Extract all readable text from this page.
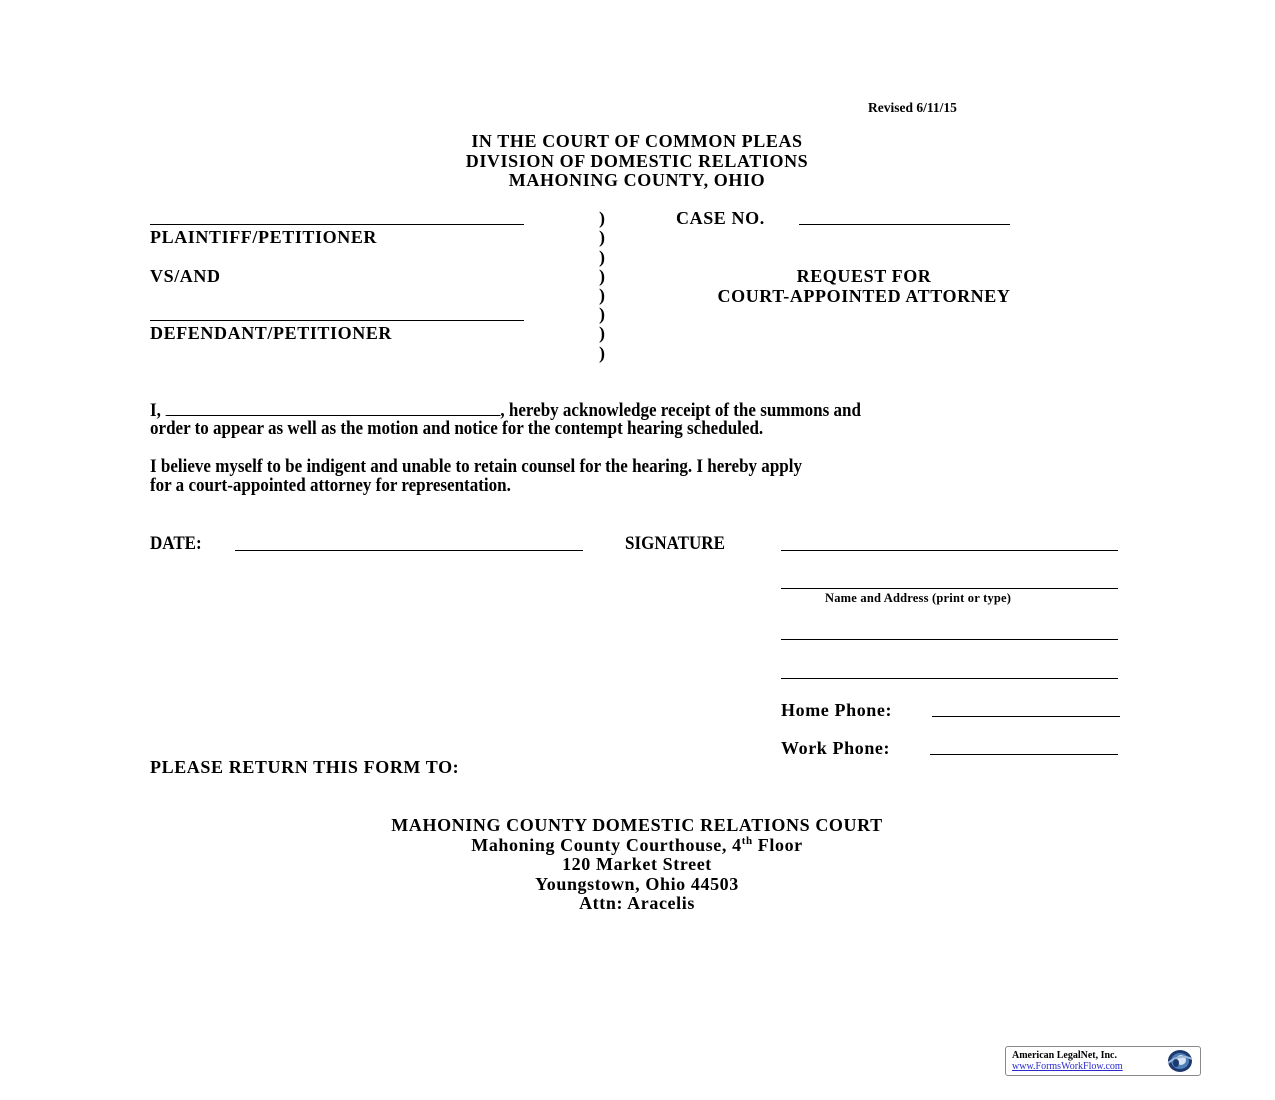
Revised 6/11/15
IN THE COURT OF COMMON PLEAS
DIVISION OF DOMESTIC RELATIONS
MAHONING COUNTY, OHIO
PLAINTIFF/PETITIONER
VS/AND
DEFENDANT/PETITIONER
)
)
)
)
)
)
)
)
CASE NO.
REQUEST FOR
COURT-APPOINTED ATTORNEY
I,	, hereby acknowledge receipt of the summons and
order to appear as well as the motion and notice for the contempt hearing scheduled.
I believe myself to be indigent and unable to retain counsel for the hearing. I hereby apply
for a court-appointed attorney for representation.
DATE:	SIGNATURE
Name and Address (print or type)
Home Phone:
Work Phone:
PLEASE RETURN THIS FORM TO:
MAHONING COUNTY DOMESTIC RELATIONS COURT
Mahoning County Courthouse, 4th Floor
120 Market Street
Youngstown, Ohio 44503
Attn: Aracelis
American LegalNet, Inc.
www.FormsWorkFlow.com
